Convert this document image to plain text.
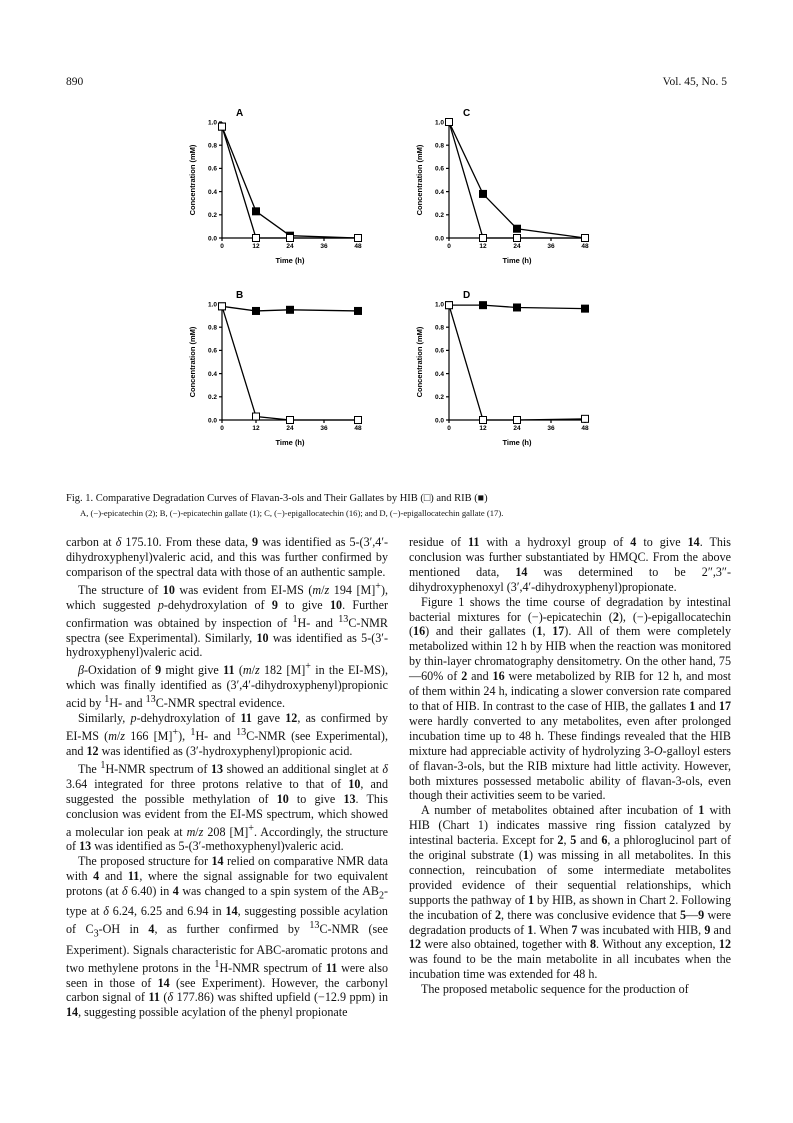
890	Vol. 45, No. 5
0.0
0.2
0.4
0.6
0.8
1.0
0	12	24	36	48
Time (h)
Concentration (mM)
A
0.0
0.2
0.4
0.6
0.8
1.0
0	12	24	36	48
Time (h)
Concentration (mM)
C
0.0
0.2
0.4
0.6
0.8
1.0
0	12	24	36	48
Time (h)
Concentration (mM)
B
0.0
0.2
0.4
0.6
0.8
1.0
0	12	24	36	48
Time (h)
Concentration (mM)
D
Fig. 1. Comparative Degradation Curves of Flavan-3-ols and Their Gallates by HIB (□) and RIB (■)
A, (−)-epicatechin (2); B, (−)-epicatechin gallate (1); C, (−)-epigallocatechin (16); and D, (−)-epigallocatechin gallate (17).

carbon at δ 175.10. From these data, 9 was identified as 5-(3′,4′-dihydroxyphenyl)valeric acid, and this was further confirmed by comparison of the spectral data with those of an authentic sample.

The structure of 10 was evident from EI-MS (m/z 194 [M]+), which suggested p-dehydroxylation of 9 to give 10. Further confirmation was obtained by inspection of $^1$H- and $^{13}$C-NMR spectra (see Experimental). Similarly, 10 was identified as 5-(3′-hydroxyphenyl)valeric acid.

β-Oxidation of 9 might give 11 (m/z 182 [M]+ in the EI-MS), which was finally identified as (3′,4′-dihydroxyphenyl)propionic acid by $^1$H- and $^{13}$C-NMR spectral evidence.

Similarly, p-dehydroxylation of 11 gave 12, as confirmed by EI-MS (m/z 166 [M]+), $^1$H- and $^{13}$C-NMR (see Experimental), and 12 was identified as (3′-hydroxyphenyl)propionic acid.

The $^1$H-NMR spectrum of 13 showed an additional singlet at δ 3.64 integrated for three protons relative to that of 10, and suggested the possible methylation of 10 to give 13. This conclusion was evident from the EI-MS spectrum, which showed a molecular ion peak at m/z 208 [M]+. Accordingly, the structure of 13 was identified as 5-(3′-methoxyphenyl)valeric acid.

The proposed structure for 14 relied on comparative NMR data with 4 and 11, where the signal assignable for two equivalent protons (at δ 6.40) in 4 was changed to a spin system of the $AB_2$-type at δ 6.24, 6.25 and 6.94 in 14, suggesting possible acylation of $C_3-OH$ in 4, as further confirmed by $^{13}$C-NMR (see Experiment). Signals characteristic for ABC-aromatic protons and two methylene protons in the $^1$H-NMR spectrum of 11 were also seen in those of 14 (see Experiment). However, the carbonyl carbon signal of 11 (δ 177.86) was shifted upfield (−12.9 ppm) in 14, suggesting possible acylation of the phenyl propionate

residue of 11 with a hydroxyl group of 4 to give 14. This conclusion was further substantiated by HMQC. From the above mentioned data, 14 was determined to be 2″,3″-dihydroxyphenoxyl (3′,4′-dihydroxyphenyl)propionate.

Figure 1 shows the time course of degradation by intestinal bacterial mixtures for (−)-epicatechin (2), (−)-epigallocatechin (16) and their gallates (1, 17). All of them were completely metabolized within 12 h by HIB when the reaction was monitored by thin-layer chromatography densitometry. On the other hand, 75—60% of 2 and 16 were metabolized by RIB for 12 h, and most of them within 24 h, indicating a slower conversion rate compared to that of HIB. In contrast to the case of HIB, the gallates 1 and 17 were hardly converted to any metabolites, even after prolonged incubation time up to 48 h. These findings revealed that the HIB mixture had appreciable activity of hydrolyzing 3-O-galloyl esters of flavan-3-ols, but the RIB mixture had little activity. However, both mixtures possessed metabolic ability of flavan-3-ols, even though their activities seem to be varied.

A number of metabolites obtained after incubation of 1 with HIB (Chart 1) indicates massive ring fission catalyzed by intestinal bacteria. Except for 2, 5 and 6, a phloroglucinol part of the original substrate (1) was missing in all metabolites. In this connection, reincubation of some intermediate metabolites provided evidence of their sequential relationships, which supports the pathway of 1 by HIB, as shown in Chart 2. Following the incubation of 2, there was conclusive evidence that 5—9 were degradation products of 1. When 7 was incubated with HIB, 9 and 12 were also obtained, together with 8. Without any exception, 12 was found to be the main metabolite in all incubates when the incubation time was extended for 48 h.

The proposed metabolic sequence for the production of
